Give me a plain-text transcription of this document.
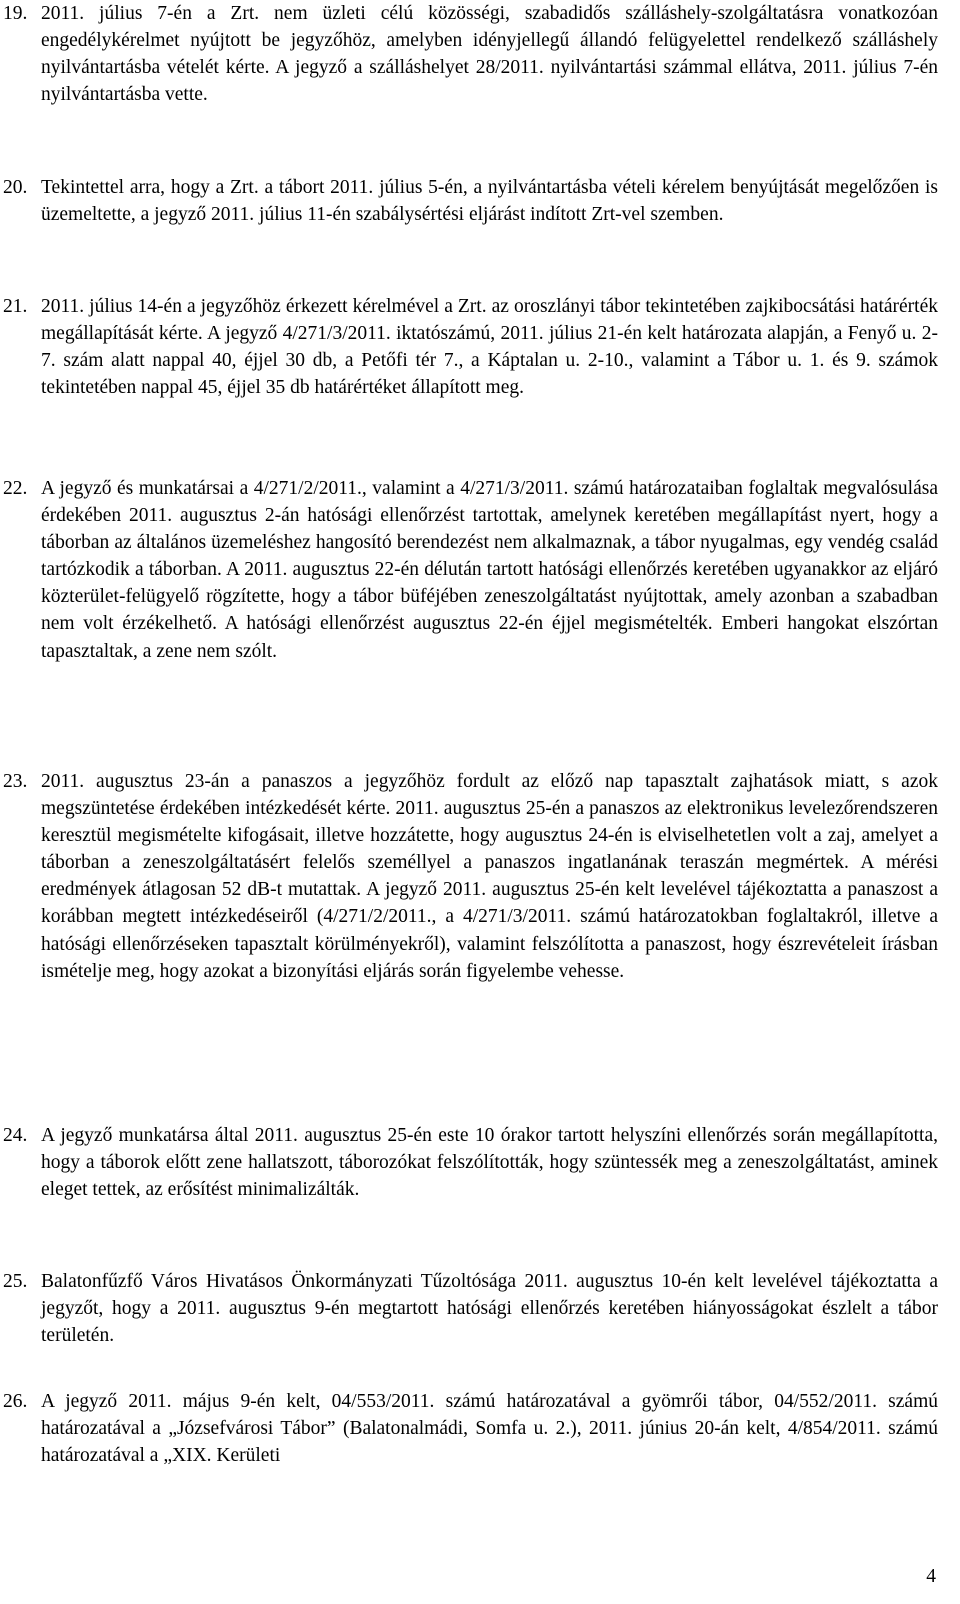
19. 2011. július 7-én a Zrt. nem üzleti célú közösségi, szabadidős szálláshely-szolgáltatásra vonatkozóan engedélykérelmet nyújtott be jegyzőhöz, amelyben idényjellegű állandó felügyelettel rendelkező szálláshely nyilvántartásba vételét kérte. A jegyző a szálláshelyet 28/2011. nyilvántartási számmal ellátva, 2011. július 7-én nyilvántartásba vette.
20. Tekintettel arra, hogy a Zrt. a tábort 2011. július 5-én, a nyilvántartásba vételi kérelem benyújtását megelőzően is üzemeltette, a jegyző 2011. július 11-én szabálysértési eljárást indított Zrt-vel szemben.
21. 2011. július 14-én a jegyzőhöz érkezett kérelmével a Zrt. az oroszlányi tábor tekintetében zajkibocsátási határérték megállapítását kérte. A jegyző 4/271/3/2011. iktatószámú, 2011. július 21-én kelt határozata alapján, a Fenyő u. 2-7. szám alatt nappal 40, éjjel 30 db, a Petőfi tér 7., a Káptalan u. 2-10., valamint a Tábor u. 1. és 9. számok tekintetében nappal 45, éjjel 35 db határértéket állapított meg.
22. A jegyző és munkatársai a 4/271/2/2011., valamint a 4/271/3/2011. számú határozataiban foglaltak megvalósulása érdekében 2011. augusztus 2-án hatósági ellenőrzést tartottak, amelynek keretében megállapítást nyert, hogy a táborban az általános üzemeléshez hangosító berendezést nem alkalmaznak, a tábor nyugalmas, egy vendég család tartózkodik a táborban. A 2011. augusztus 22-én délután tartott hatósági ellenőrzés keretében ugyanakkor az eljáró közterület-felügyelő rögzítette, hogy a tábor büféjében zeneszolgáltatást nyújtottak, amely azonban a szabadban nem volt érzékelhető. A hatósági ellenőrzést augusztus 22-én éjjel megismételték. Emberi hangokat elszórtan tapasztaltak, a zene nem szólt.
23. 2011. augusztus 23-án a panaszos a jegyzőhöz fordult az előző nap tapasztalt zajhatások miatt, s azok megszüntetése érdekében intézkedését kérte. 2011. augusztus 25-én a panaszos az elektronikus levelezőrendszeren keresztül megismételte kifogásait, illetve hozzátette, hogy augusztus 24-én is elviselhetetlen volt a zaj, amelyet a táborban a zeneszolgáltatásért felelős személlyel a panaszos ingatlanának teraszán megmértek. A mérési eredmények átlagosan 52 dB-t mutattak. A jegyző 2011. augusztus 25-én kelt levelével tájékoztatta a panaszost a korábban megtett intézkedéseiről (4/271/2/2011., a 4/271/3/2011. számú határozatokban foglaltakról, illetve a hatósági ellenőrzéseken tapasztalt körülményekről), valamint felszólította a panaszost, hogy észrevételeit írásban ismételje meg, hogy azokat a bizonyítási eljárás során figyelembe vehesse.
24. A jegyző munkatársa által 2011. augusztus 25-én este 10 órakor tartott helyszíni ellenőrzés során megállapította, hogy a táborok előtt zene hallatszott, táborozókat felszólították, hogy szüntessék meg a zeneszolgáltatást, aminek eleget tettek, az erősítést minimalizálták.
25. Balatonfűzfő Város Hivatásos Önkormányzati Tűzoltósága 2011. augusztus 10-én kelt levelével tájékoztatta a jegyzőt, hogy a 2011. augusztus 9-én megtartott hatósági ellenőrzés keretében hiányosságokat észlelt a tábor területén.
26. A jegyző 2011. május 9-én kelt, 04/553/2011. számú határozatával a gyömrői tábor, 04/552/2011. számú határozatával a „Józsefvárosi Tábor” (Balatonalmádi, Somfa u. 2.), 2011. június 20-án kelt, 4/854/2011. számú határozatával a „XIX. Kerületi
4
